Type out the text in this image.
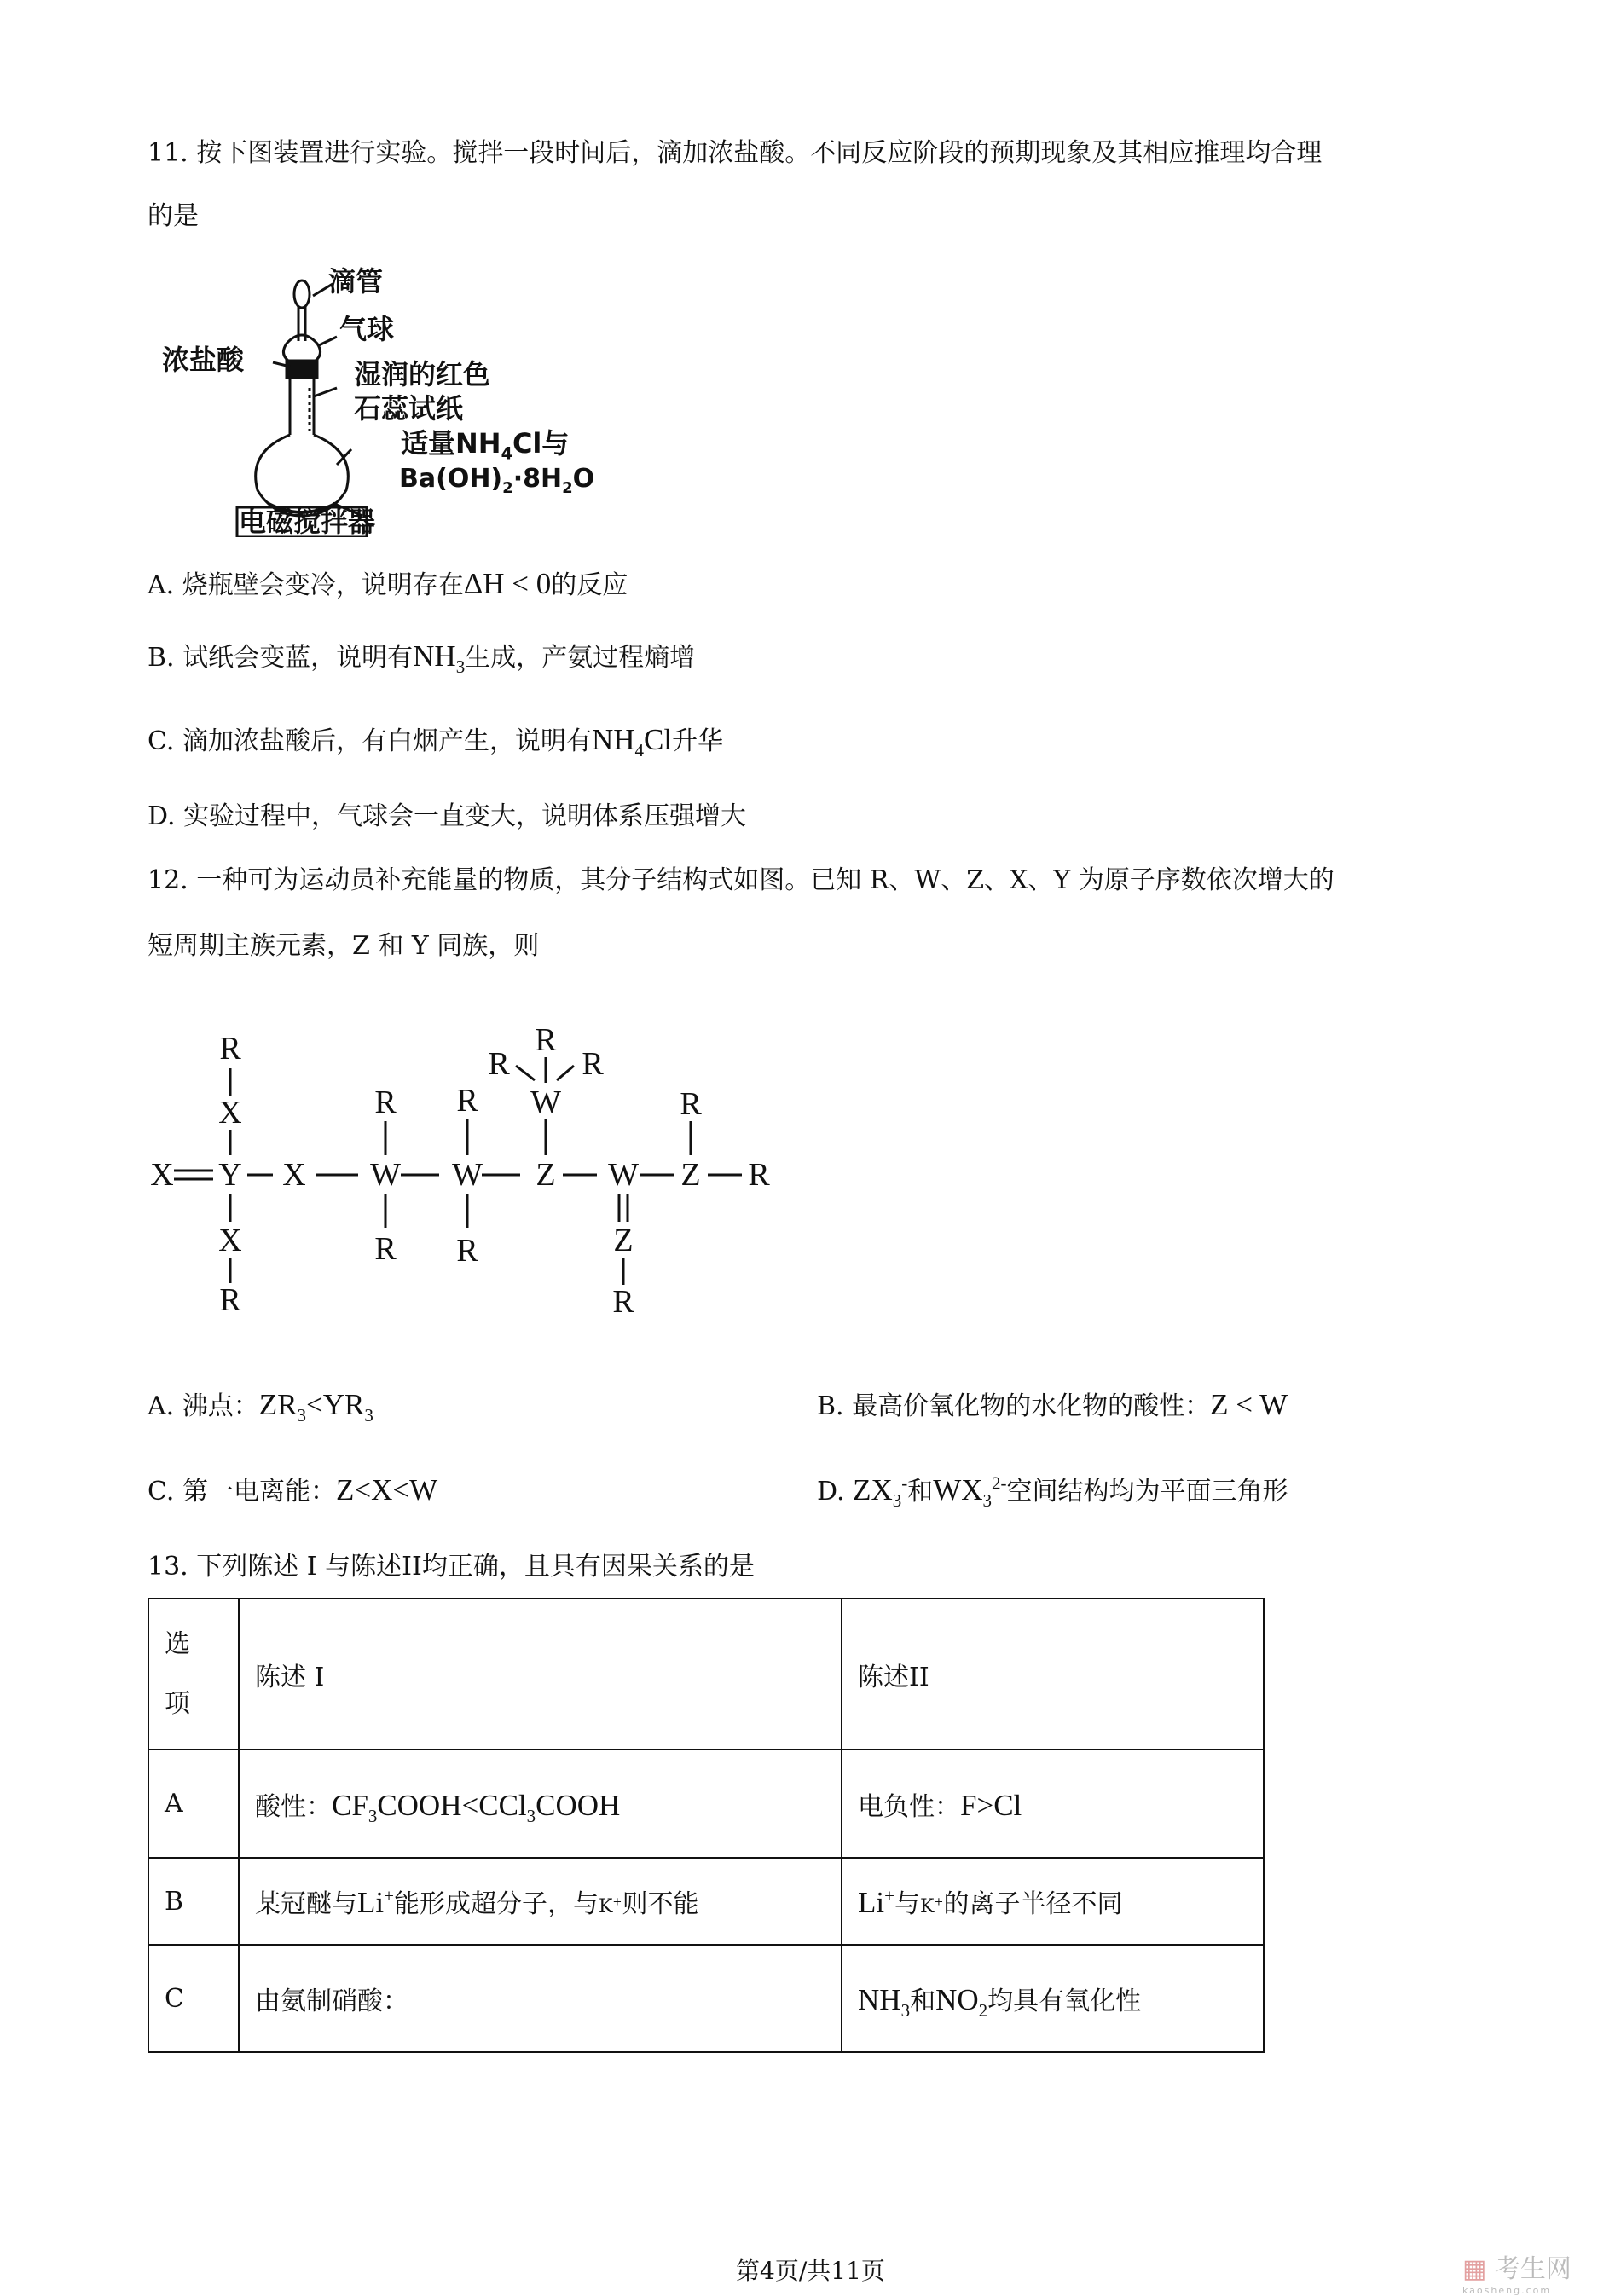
11. 按下图装置进行实验。搅拌一段时间后，滴加浓盐酸。不同反应阶段的预期现象及其相应推理均合理
的是
滴管
气球
浓盐酸	湿润的红色
石蕊试纸
适量$NH_4Cl$与
$Ba(OH)_2\cdot 8H_2O$
电磁搅拌器
A. 烧瓶壁会变冷，说明存在ΔH < 0的反应
B. 试纸会变蓝，说明有$NH_3$生成，产氨过程熵增
C. 滴加浓盐酸后，有白烟产生，说明有$NH_4Cl$升华
D. 实验过程中，气球会一直变大，说明体系压强增大
12. 一种可为运动员补充能量的物质，其分子结构式如图。已知 R、W、Z、X、Y 为原子序数依次增大的
短周期主族元素，Z 和 Y 同族，则
X Y
R
X
X
R
X W
R
R
W
R
R
Z
W
R
R R
W
Z
R
Z
R
R
A. 沸点：$ZR_3<YR_3$	B. 最高价氧化物的水化物的酸性：Z < W
C. 第一电离能：Z<X<W	D. $ZX_3^-$和$WX_3^{2-}$空间结构均为平面三角形
13. 下列陈述 I 与陈述II均正确，且具有因果关系的是
选
项	陈述 I	陈述II
A	酸性：$CF_3COOH<CCl_3COOH$	电负性：F>Cl
B	某冠醚与Li+能形成超分子，与K+则不能	Li+与K+的离子半径不同
C	由氨制硝酸：	$NH_3$和$NO_2$均具有氧化性
第4页/共11页	▦ 考生网
kaosheng.com
